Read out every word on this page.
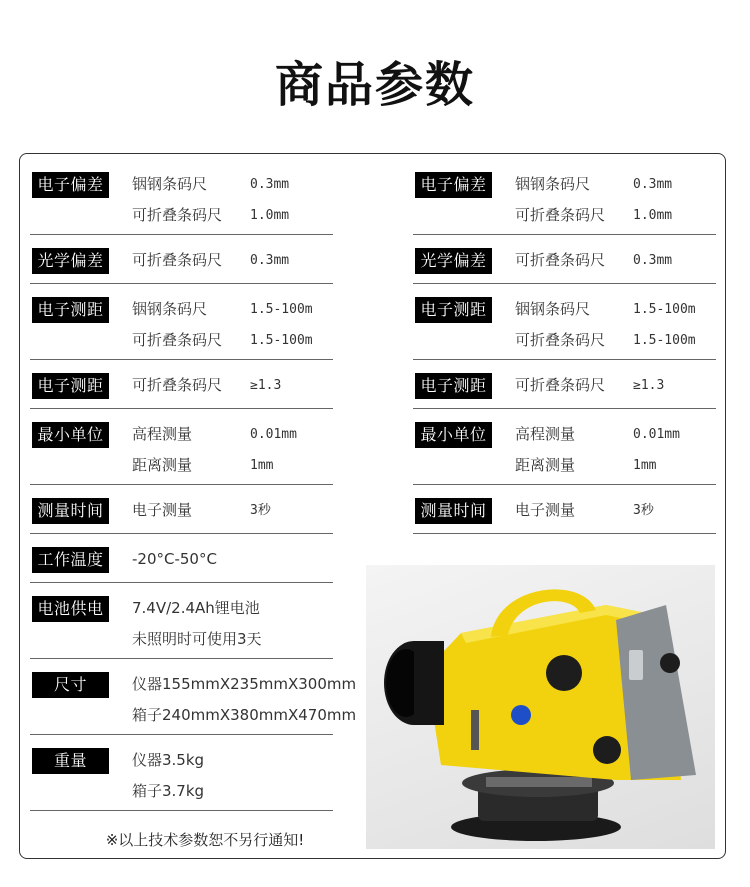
商品参数
电子偏差	铟钢条码尺	0.3mm
可折叠条码尺 1.0mm
光学偏差	可折叠条码尺 0.3mm
电子测距	铟钢条码尺	1.5-100m
可折叠条码尺 1.5-100m
电子测距	可折叠条码尺 ≥1.3
最小单位	高程测量	0.01mm
距离测量	1mm
测量时间	电子测量	3秒
工作温度	-20°C-50°C
电池供电	7.4V/2.4Ah锂电池
未照明时可使用3天
尺寸	仪器155mmX235mmX300mm
箱子240mmX380mmX470mm
重量	仪器3.5kg
箱子3.7kg
电子偏差	铟钢条码尺	0.3mm
可折叠条码尺 1.0mm
光学偏差	可折叠条码尺 0.3mm
电子测距	铟钢条码尺	1.5-100m
可折叠条码尺 1.5-100m
电子测距	可折叠条码尺 ≥1.3
最小单位	高程测量	0.01mm
距离测量	1mm
测量时间	电子测量	3秒
※以上技术参数恕不另行通知!
